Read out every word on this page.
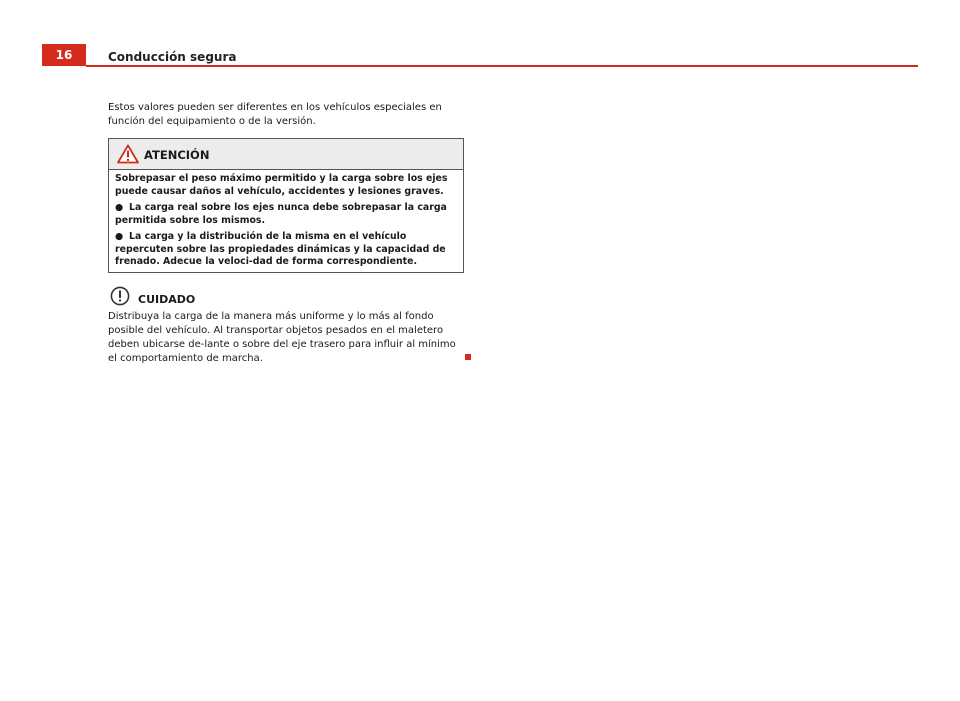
16	Conducción segura

Estos valores pueden ser diferentes en los vehículos especiales en función del equipamiento o de la versión.

ATENCIÓN

Sobrepasar el peso máximo permitido y la carga sobre los ejes puede causar daños al vehículo, accidentes y lesiones graves.

● La carga real sobre los ejes nunca debe sobrepasar la carga permitida sobre los mismos.

● La carga y la distribución de la misma en el vehículo repercuten sobre las propiedades dinámicas y la capacidad de frenado. Adecue la veloci-dad de forma correspondiente.

CUIDADO

Distribuya la carga de la manera más uniforme y lo más al fondo posible del vehículo. Al transportar objetos pesados en el maletero deben ubicarse de-lante o sobre del eje trasero para influir al mínimo el comportamiento de marcha.
